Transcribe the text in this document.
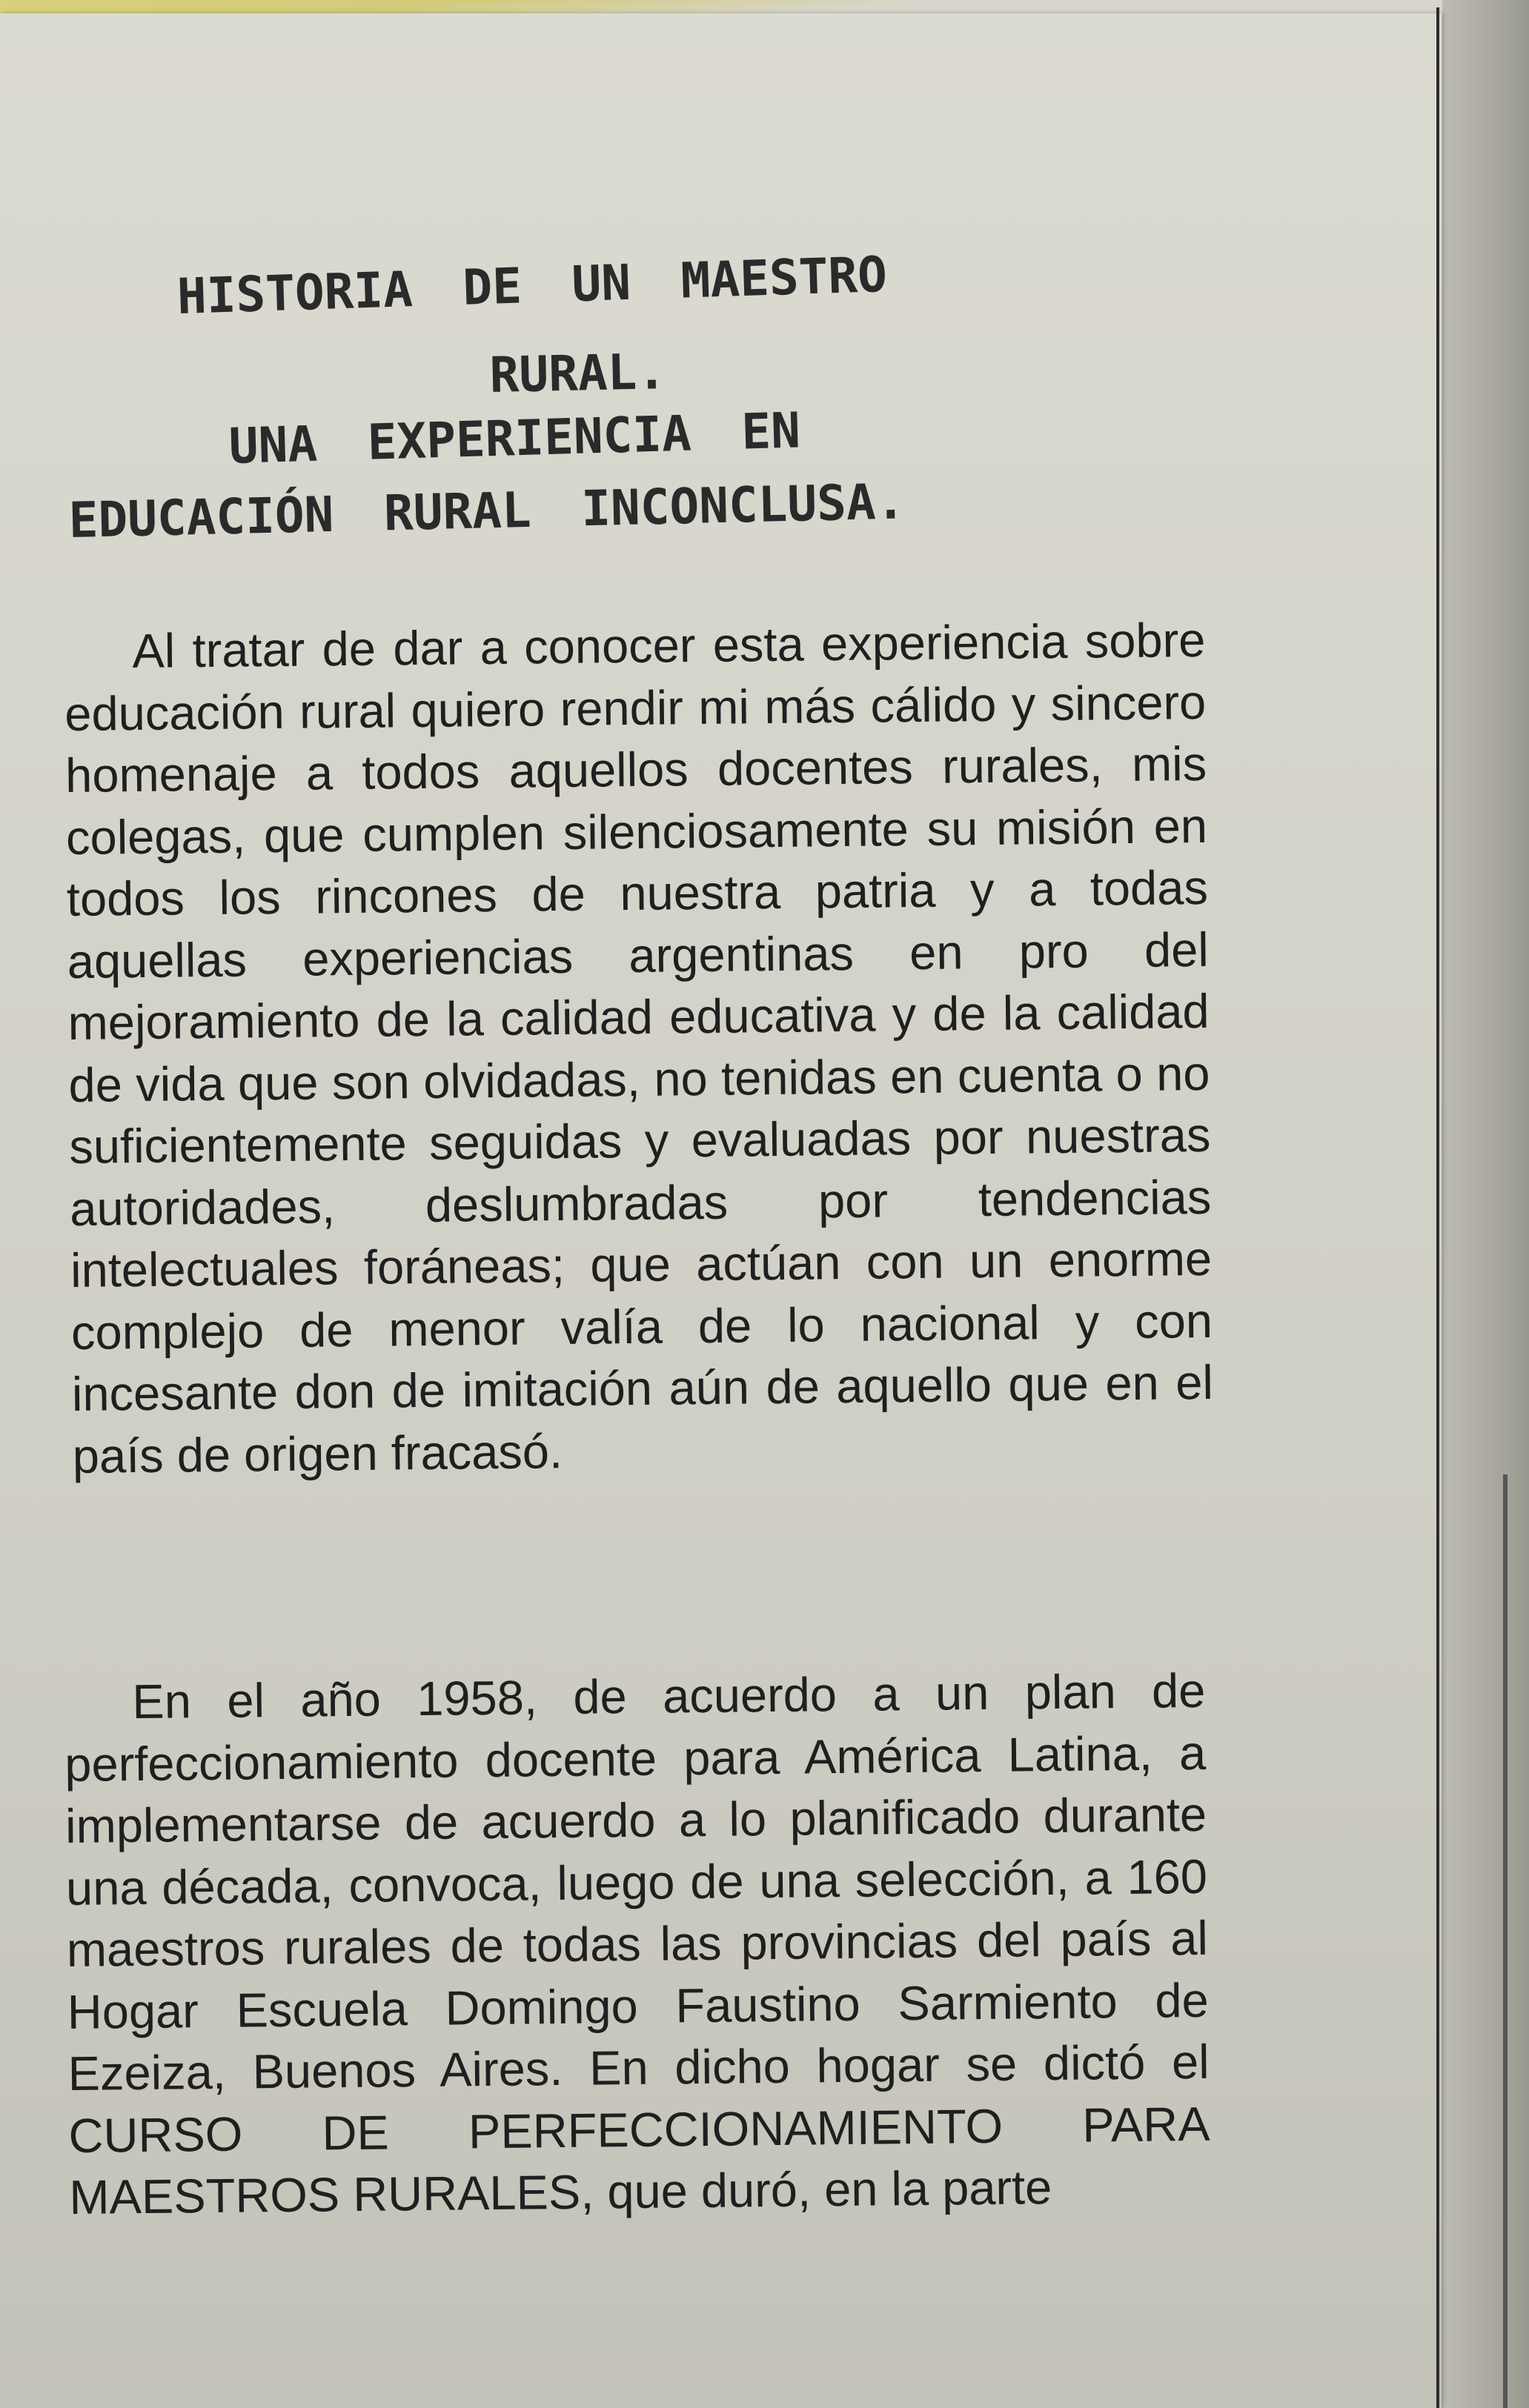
HISTORIA DE UN MAESTRO
RURAL.
UNA EXPERIENCIA EN
EDUCACIÓN RURAL INCONCLUSA.

Al tratar de dar a conocer esta experiencia sobre educación rural quiero rendir mi más cálido y sincero homenaje a todos aquellos docentes rurales, mis colegas, que cumplen silenciosamente su misión en todos los rincones de nuestra patria y a todas aquellas experiencias argentinas en pro del mejoramiento de la calidad educativa y de la calidad de vida que son olvidadas, no tenidas en cuenta o no suficientemente seguidas y evaluadas por nuestras autoridades, deslumbradas por tendencias intelectuales foráneas; que actúan con un enorme complejo de menor valía de lo nacional y con incesante don de imitación aún de aquello que en el país de origen fracasó.

En el año 1958, de acuerdo a un plan de perfeccionamiento docente para América Latina, a implementarse de acuerdo a lo planificado durante una década, convoca, luego de una selección, a 160 maestros rurales de todas las provincias del país al Hogar Escuela Domingo Faustino Sarmiento de Ezeiza, Buenos Aires. En dicho hogar se dictó el CURSO DE PERFECCIONAMIENTO PARA MAESTROS RURALES, que duró, en la parte
